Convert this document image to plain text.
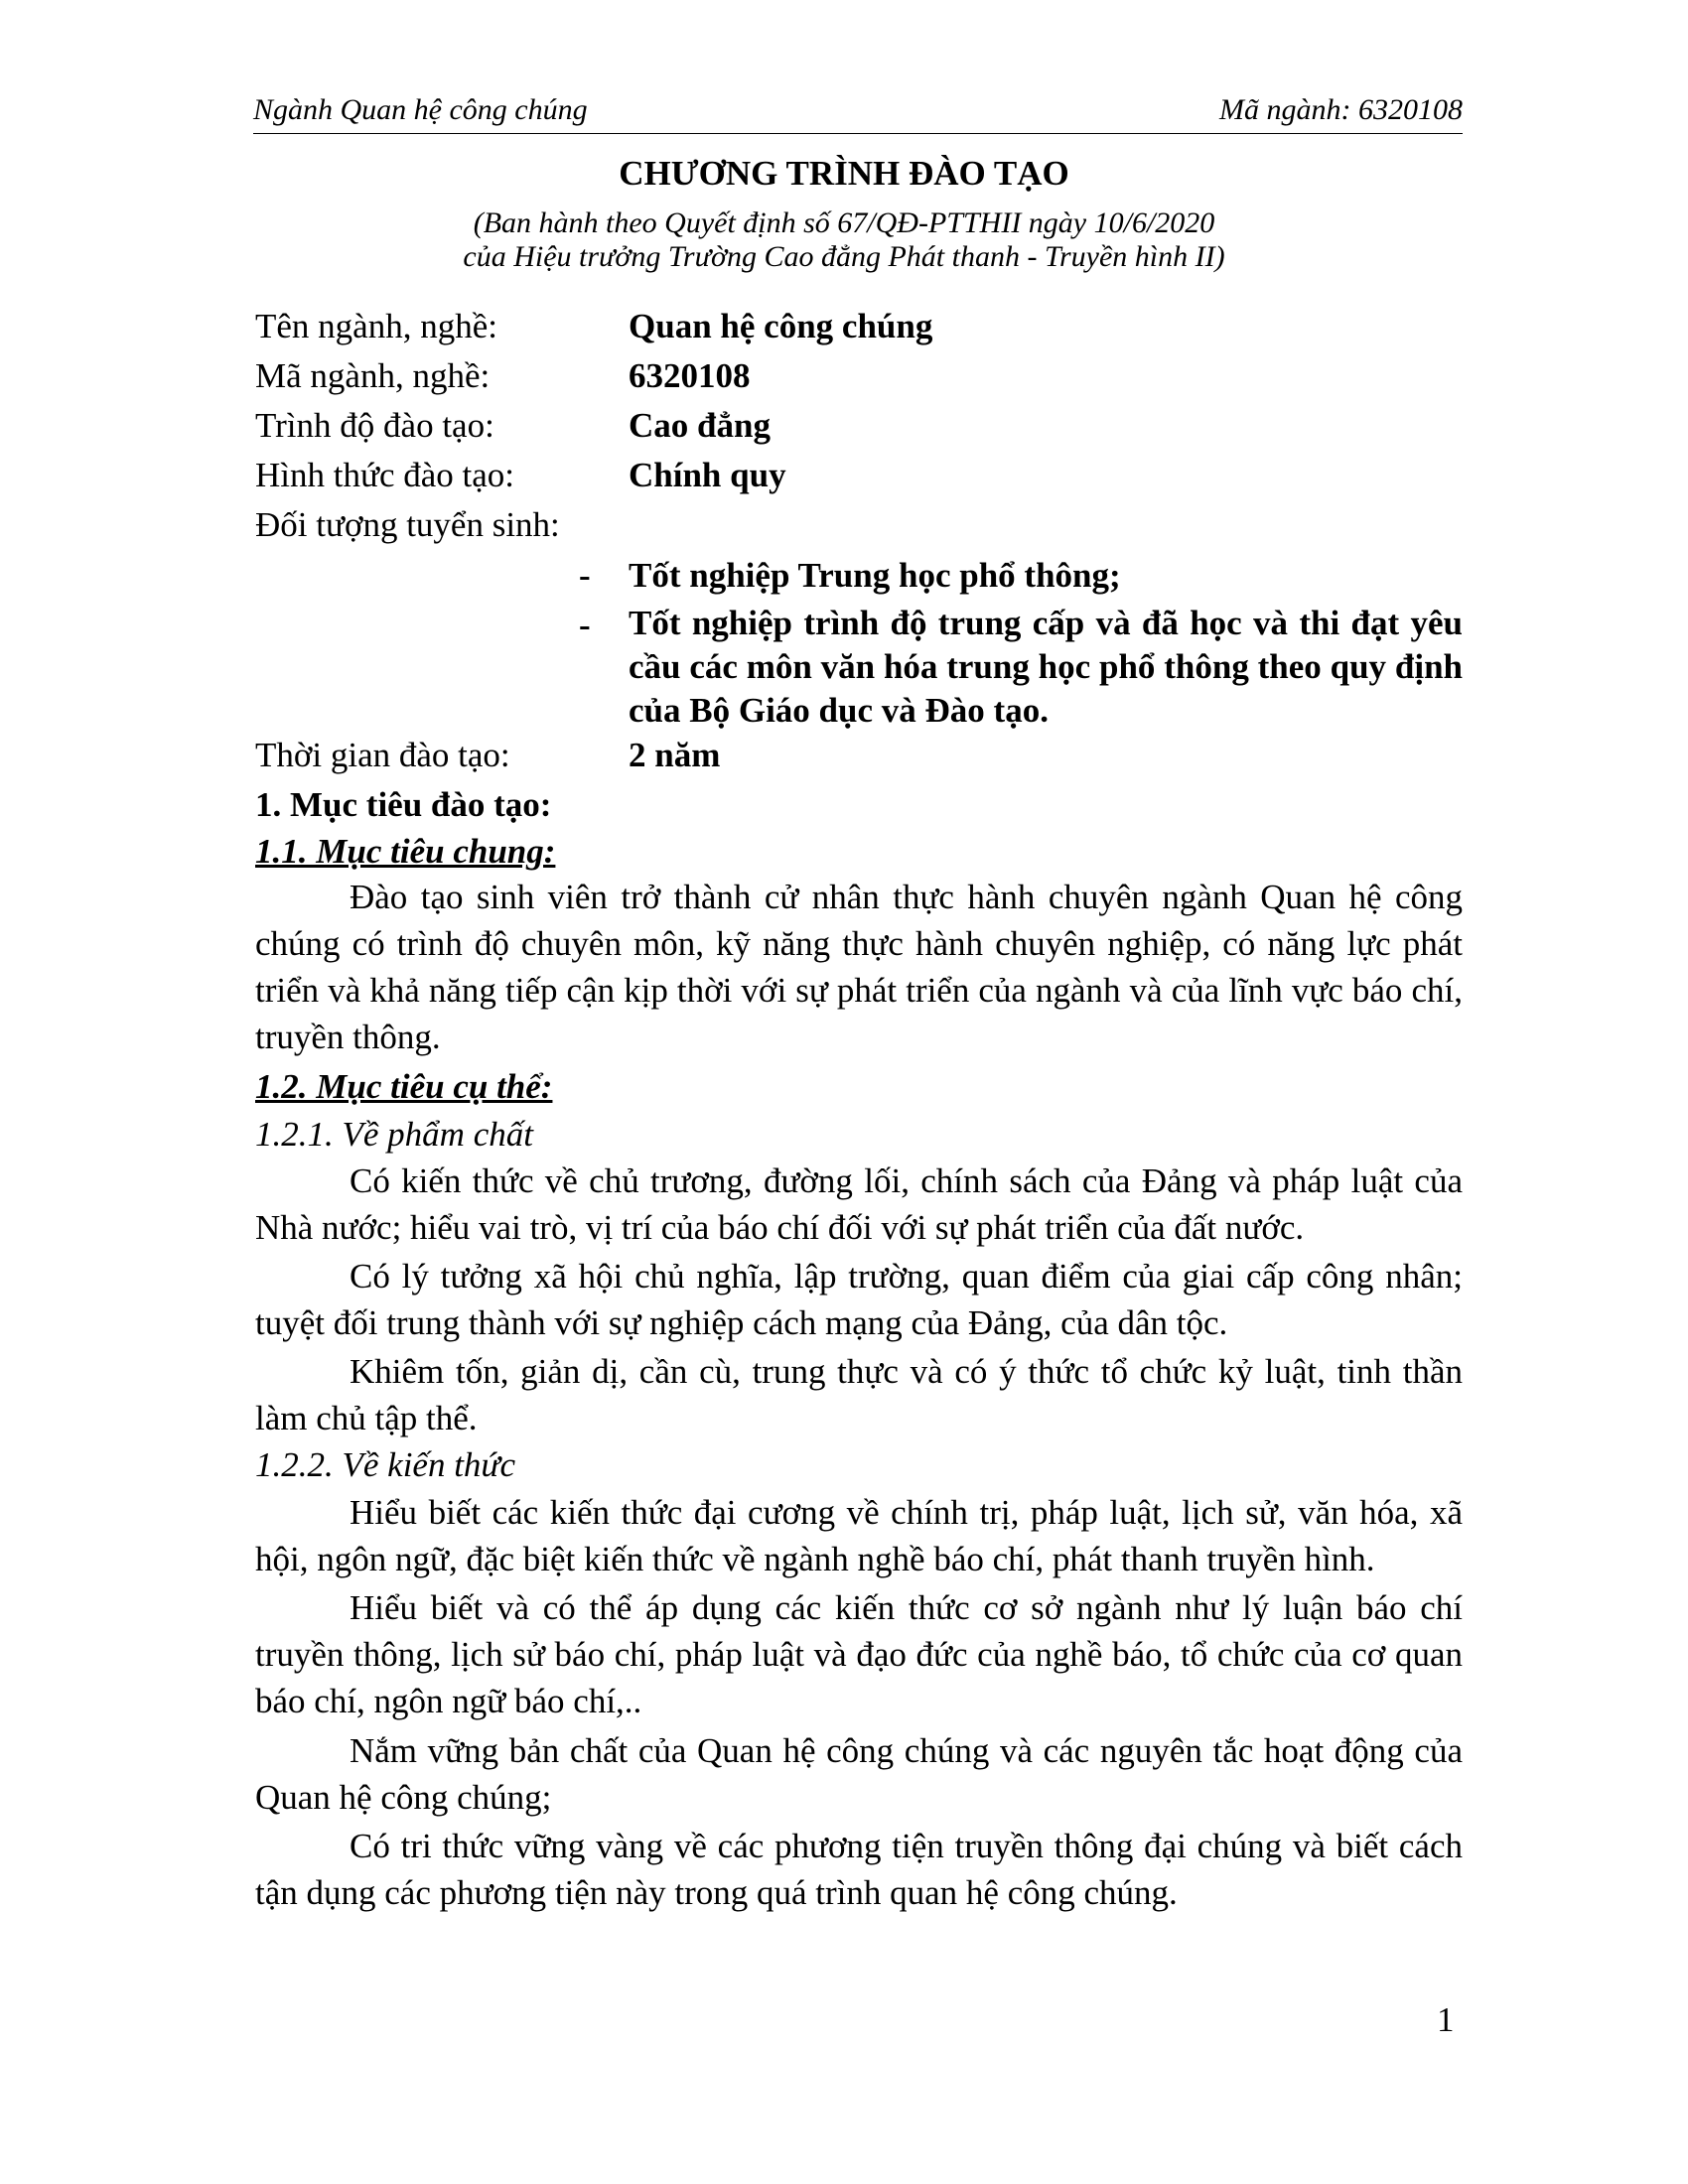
Ngành Quan hệ công chúng	Mã ngành: 6320108
CHƯƠNG TRÌNH ĐÀO TẠO
(Ban hành theo Quyết định số 67/QĐ-PTTHII ngày 10/6/2020
của Hiệu trưởng Trường Cao đẳng Phát thanh - Truyền hình II)
Tên ngành, nghề:	Quan hệ công chúng
Mã ngành, nghề:	6320108
Trình độ đào tạo:	Cao đẳng
Hình thức đào tạo:	Chính quy
Đối tượng tuyển sinh:
- Tốt nghiệp Trung học phổ thông;
- Tốt nghiệp trình độ trung cấp và đã học và thi đạt yêu cầu các môn văn hóa trung học phổ thông theo quy định của Bộ Giáo dục và Đào tạo.
Thời gian đào tạo:	2 năm
1. Mục tiêu đào tạo:
1.1. Mục tiêu chung:
Đào tạo sinh viên trở thành cử nhân thực hành chuyên ngành Quan hệ công chúng có trình độ chuyên môn, kỹ năng thực hành chuyên nghiệp, có năng lực phát triển và khả năng tiếp cận kịp thời với sự phát triển của ngành và của lĩnh vực báo chí, truyền thông.
1.2. Mục tiêu cụ thể:
1.2.1. Về phẩm chất
Có kiến thức về chủ trương, đường lối, chính sách của Đảng và pháp luật của Nhà nước; hiểu vai trò, vị trí của báo chí đối với sự phát triển của đất nước.
Có lý tưởng xã hội chủ nghĩa, lập trường, quan điểm của giai cấp công nhân; tuyệt đối trung thành với sự nghiệp cách mạng của Đảng, của dân tộc.
Khiêm tốn, giản dị, cần cù, trung thực và có ý thức tổ chức kỷ luật, tinh thần làm chủ tập thể.
1.2.2. Về kiến thức
Hiểu biết các kiến thức đại cương về chính trị, pháp luật, lịch sử, văn hóa, xã hội, ngôn ngữ, đặc biệt kiến thức về ngành nghề báo chí, phát thanh truyền hình.
Hiểu biết và có thể áp dụng các kiến thức cơ sở ngành như lý luận báo chí truyền thông, lịch sử báo chí, pháp luật và đạo đức của nghề báo, tổ chức của cơ quan báo chí, ngôn ngữ báo chí,..
Nắm vững bản chất của Quan hệ công chúng và các nguyên tắc hoạt động của Quan hệ công chúng;
Có tri thức vững vàng về các phương tiện truyền thông đại chúng và biết cách tận dụng các phương tiện này trong quá trình quan hệ công chúng.
1
